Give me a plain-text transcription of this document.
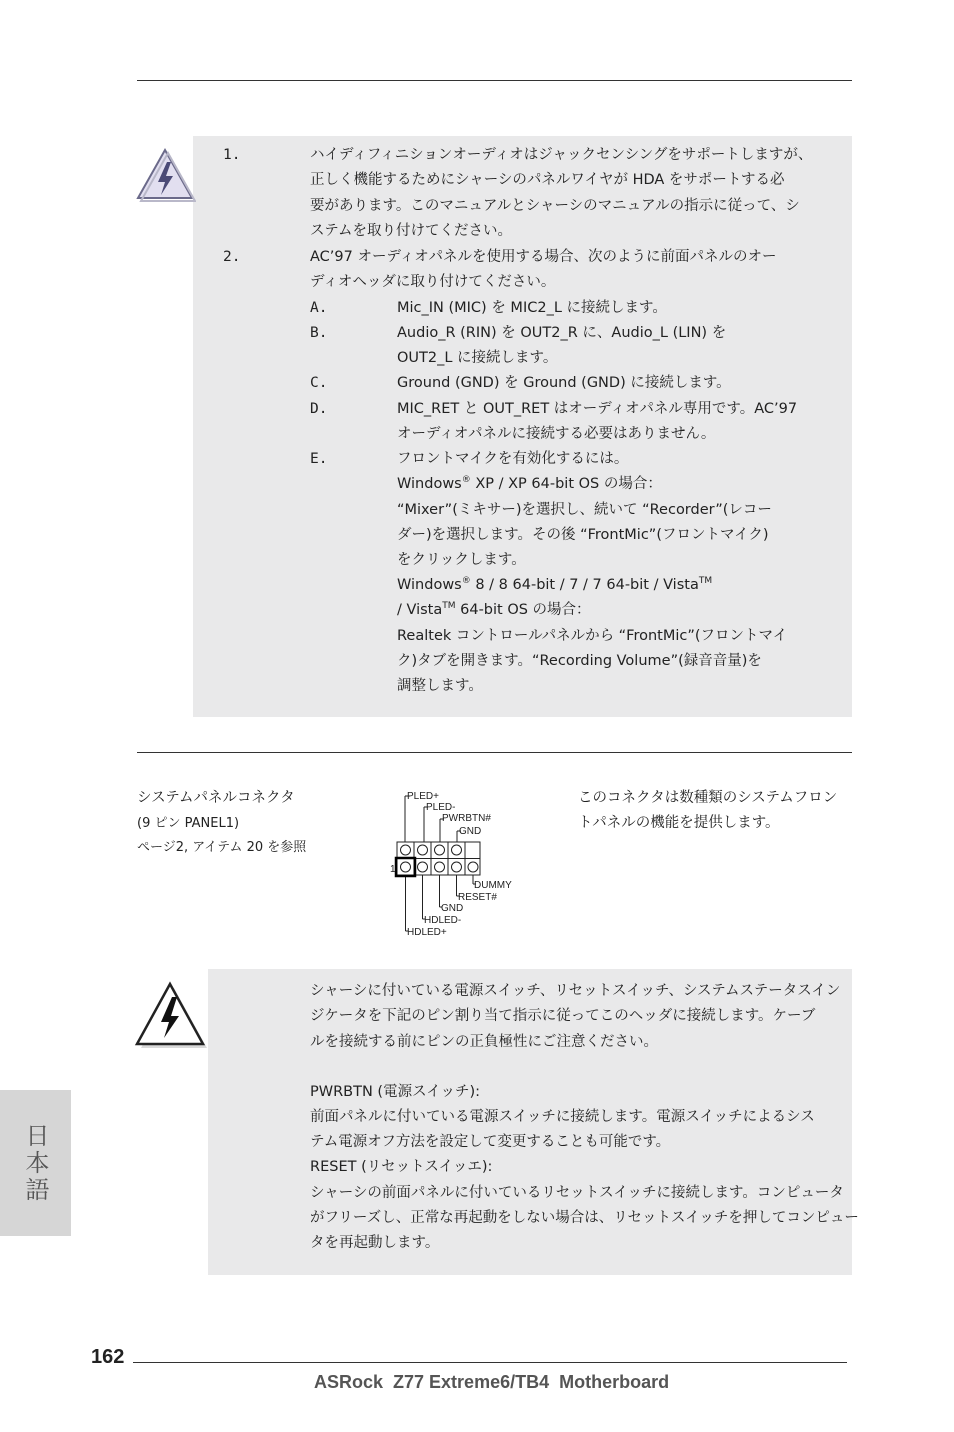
1.	ハイディフィニションオーディオはジャックセンシングをサポートしますが、
正しく機能するためにシャーシのパネルワイヤが HDA をサポートする必
要があります。このマニュアルとシャーシのマニュアルの指示に従って、シ
ステムを取り付けてください。
2.	AC’97 オーディオパネルを使用する場合、次のように前面パネルのオー
ディオヘッダに取り付けてください。
A.	Mic_IN (MIC) を MIC2_L に接続します。
B.	Audio_R (RIN) を OUT2_R に、Audio_L (LIN) を
OUT2_L に接続します。
C.	Ground (GND) を Ground (GND) に接続します。
D.	MIC_RET と OUT_RET はオーディオパネル専用です。AC’97
オーディオパネルに接続する必要はありません。
E.	フロントマイクを有効化するには。
Windows® XP / XP 64-bit OS の場合：
“Mixer”(ミキサー)を選択し、続いて “Recorder”(レコー
ダー)を選択します。その後 “FrontMic”(フロントマイク)
をクリックします。
Windows® 8 / 8 64-bit / 7 / 7 64-bit / Vista™
/ Vista™ 64-bit OS の場合：
Realtek コントロールパネルから “FrontMic”(フロントマイ
ク)タブを開きます。“Recording Volume”(録音音量)を
調整します。
システムパネルコネクタ
(9 ピン PANEL1)
ページ2, アイテム 20 を参照
このコネクタは数種類のシステムフロン
トパネルの機能を提供します。
1
PLED+
PLED-
PWRBTN#
GND
DUMMY
RESET#
GND
HDLED-
HDLED+
シャーシに付いている電源スイッチ、リセットスイッチ、システムステータスイン
ジケータを下記のピン割り当て指示に従ってこのヘッダに接続します。ケーブ
ルを接続する前にピンの正負極性にご注意ください。
PWRBTN (電源スイッチ):
前面パネルに付いている電源スイッチに接続します。電源スイッチによるシス
テム電源オフ方法を設定して変更することも可能です。
RESET (リセットスイッエ):
シャーシの前面パネルに付いているリセットスイッチに接続します。コンピュータ
がフリーズし、正常な再起動をしない場合は、リセットスイッチを押してコンピュー
タを再起動します。
日本語
162
ASRock  Z77 Extreme6/TB4  Motherboard
